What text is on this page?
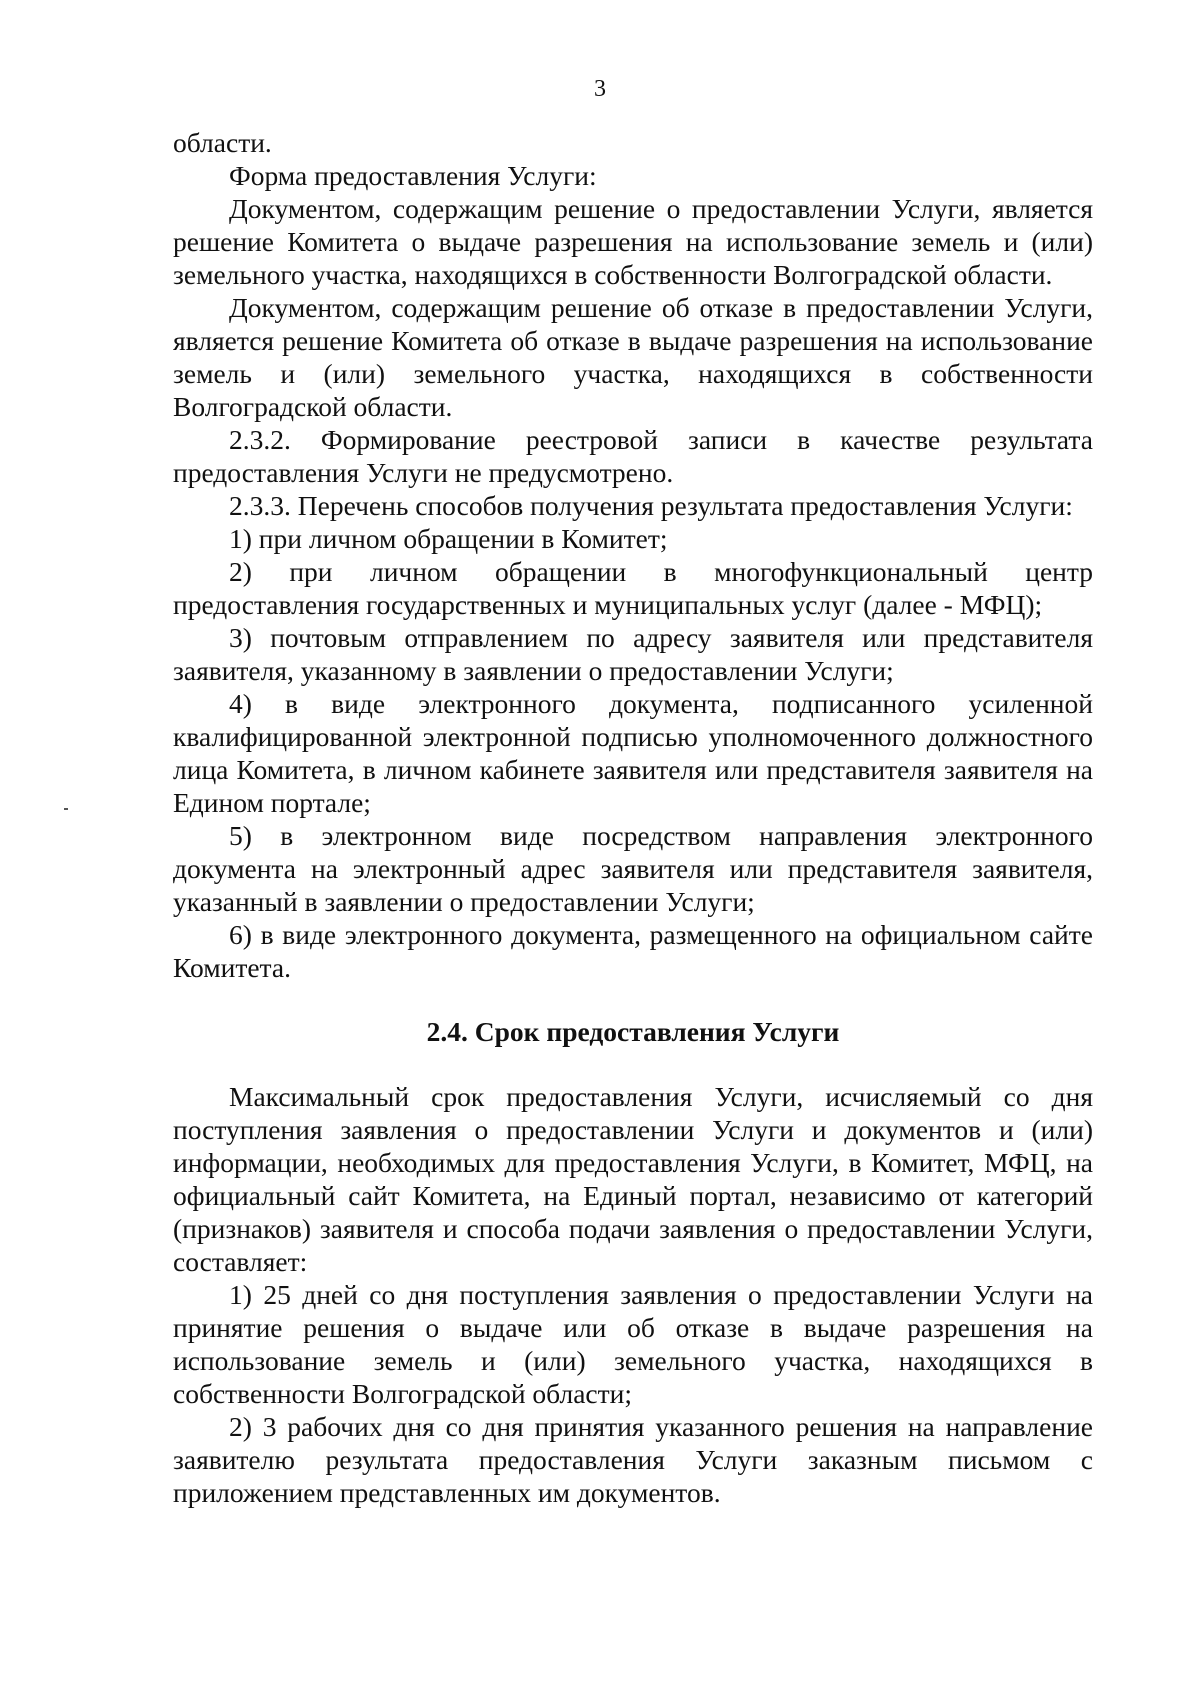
3

области.

Форма предоставления Услуги:

Документом, содержащим решение о предоставлении Услуги, является решение Комитета о выдаче разрешения на использование земель и (или) земельного участка, находящихся в собственности Волгоградской области.

Документом, содержащим решение об отказе в предоставлении Услуги, является решение Комитета об отказе в выдаче разрешения на использование земель и (или) земельного участка, находящихся в собственности Волгоградской области.

2.3.2. Формирование реестровой записи в качестве результата предоставления Услуги не предусмотрено.

2.3.3. Перечень способов получения результата предоставления Услуги:

1) при личном обращении в Комитет;

2) при личном обращении в многофункциональный центр предоставления государственных и муниципальных услуг (далее - МФЦ);

3) почтовым отправлением по адресу заявителя или представителя заявителя, указанному в заявлении о предоставлении Услуги;

4) в виде электронного документа, подписанного усиленной квалифицированной электронной подписью уполномоченного должностного лица Комитета, в личном кабинете заявителя или представителя заявителя на Едином портале;

5) в электронном виде посредством направления электронного документа на электронный адрес заявителя или представителя заявителя, указанный в заявлении о предоставлении Услуги;

6) в виде электронного документа, размещенного на официальном сайте Комитета.

2.4. Срок предоставления Услуги

Максимальный срок предоставления Услуги, исчисляемый со дня поступления заявления о предоставлении Услуги и документов и (или) информации, необходимых для предоставления Услуги, в Комитет, МФЦ, на официальный сайт Комитета, на Единый портал, независимо от категорий (признаков) заявителя и способа подачи заявления о предоставлении Услуги, составляет:

1) 25 дней со дня поступления заявления о предоставлении Услуги на принятие решения о выдаче или об отказе в выдаче разрешения на использование земель и (или) земельного участка, находящихся в собственности Волгоградской области;

2) 3 рабочих дня со дня принятия указанного решения на направление заявителю результата предоставления Услуги заказным письмом с приложением представленных им документов.
